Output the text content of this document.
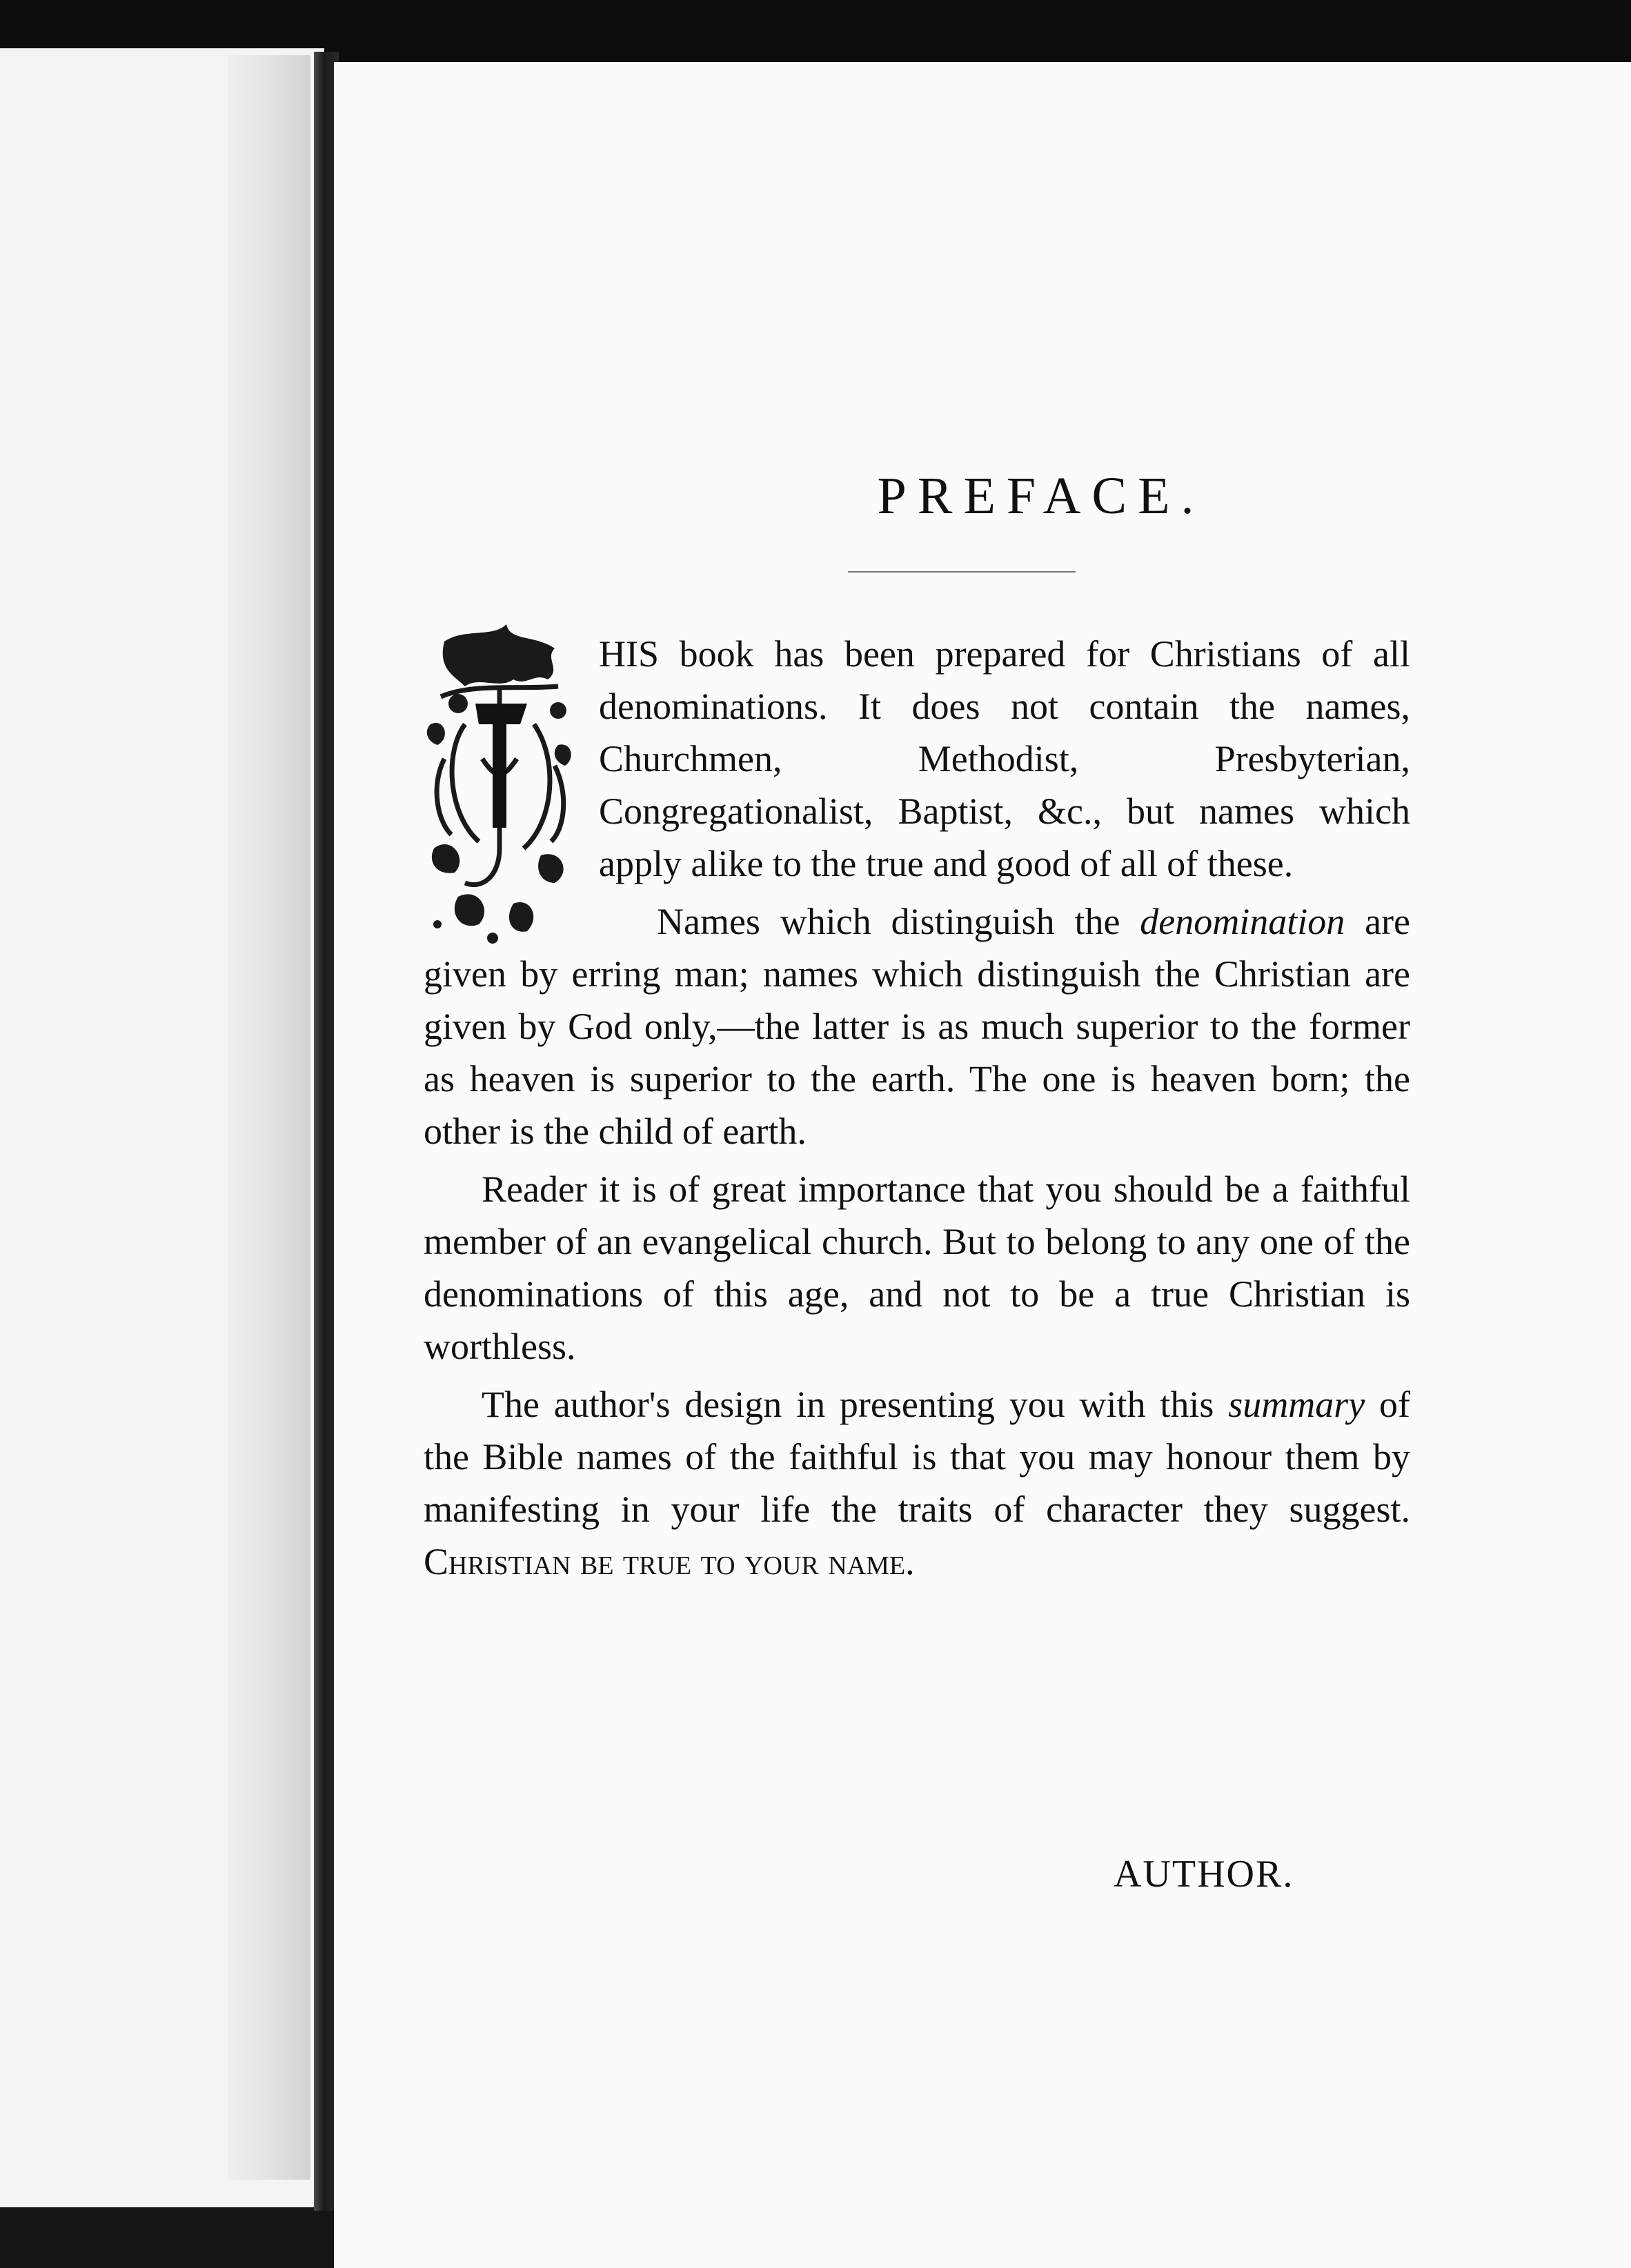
PREFACE.

HIS book has been prepared for Christians of all denominations. It does not contain the names, Churchmen, Methodist, Presbyterian, Congregationalist, Baptist, &c., but names which apply alike to the true and good of all of these.

Names which distinguish the denomination are given by erring man; names which distinguish the Christian are given by God only,—the latter is as much superior to the former as heaven is superior to the earth. The one is heaven born; the other is the child of earth.

Reader it is of great importance that you should be a faithful member of an evangelical church. But to belong to any one of the denominations of this age, and not to be a true Christian is worthless.

The author's design in presenting you with this summary of the Bible names of the faithful is that you may honour them by manifesting in your life the traits of character they suggest. Christian be true to your name.

AUTHOR.
